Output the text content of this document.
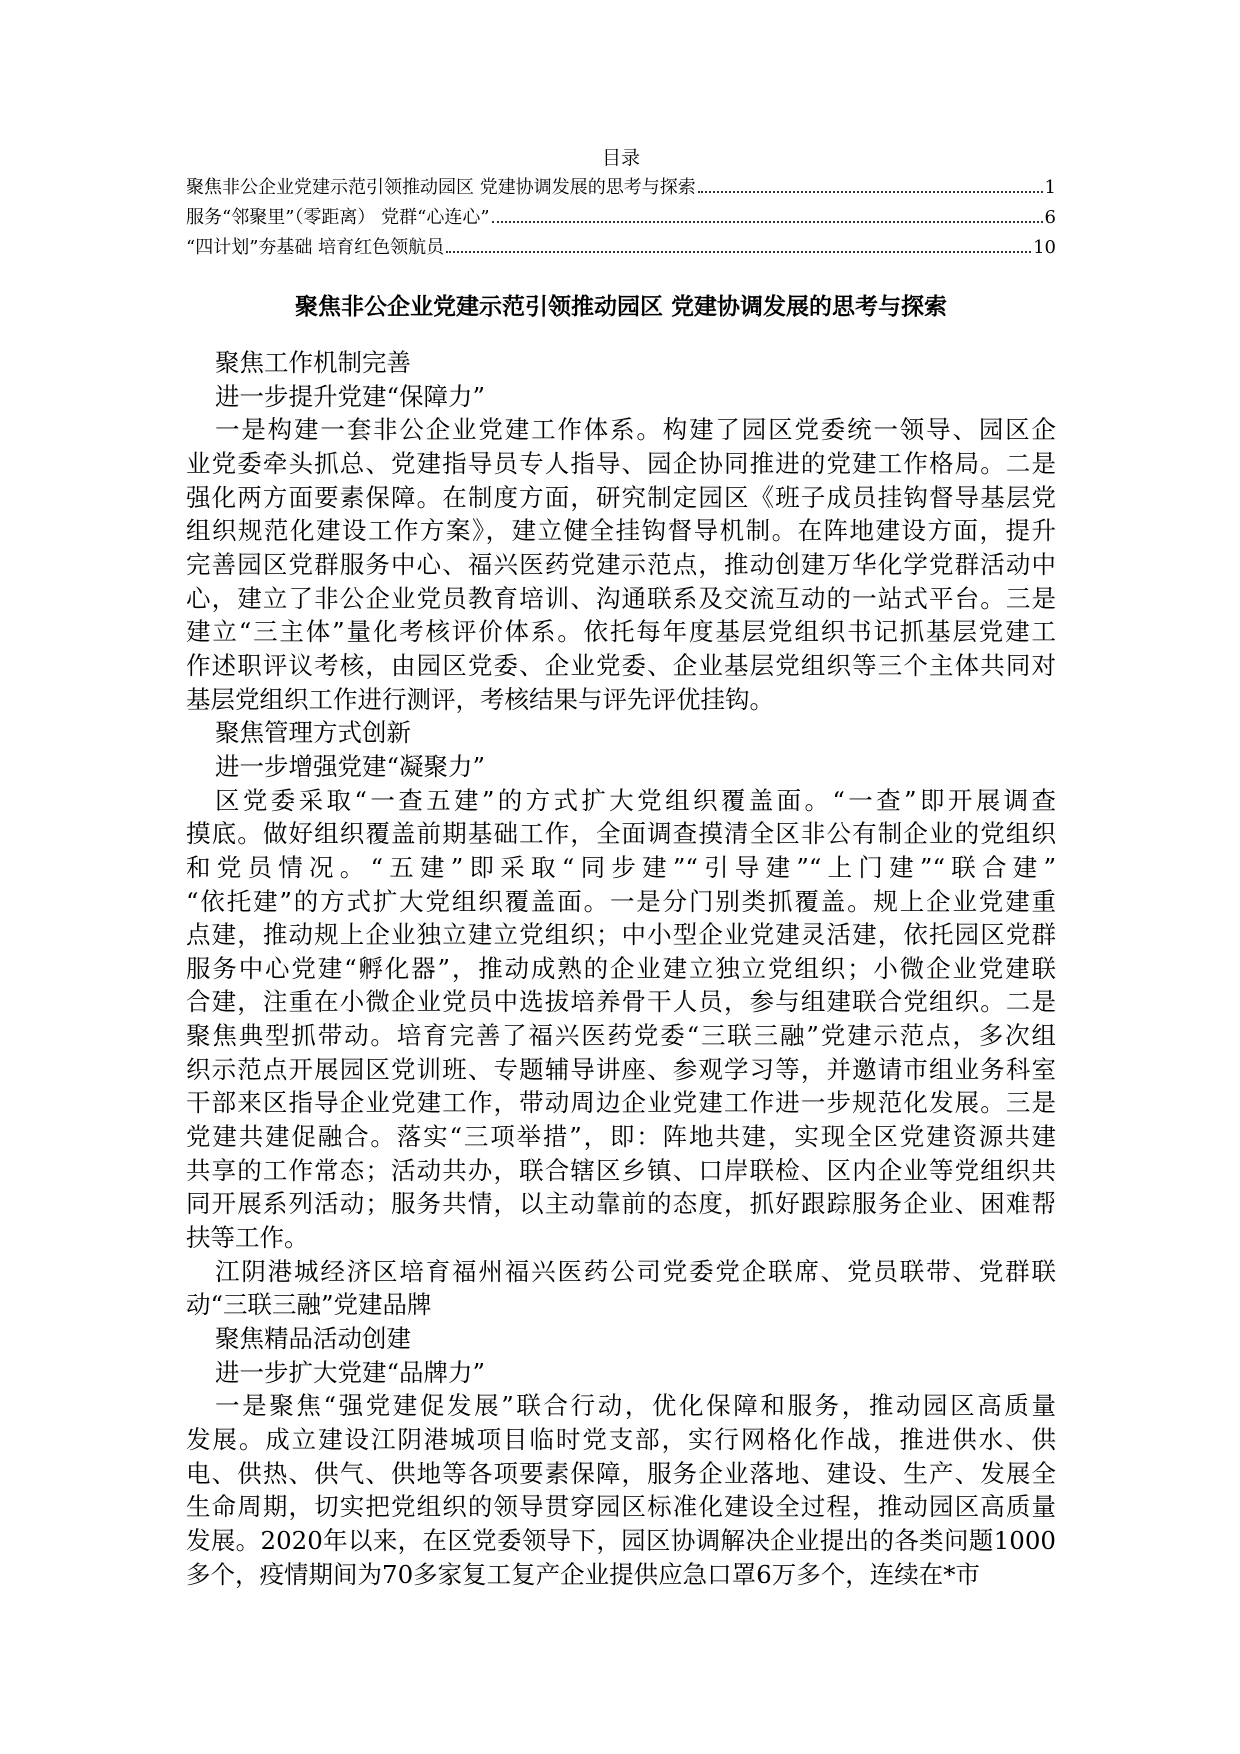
目录
聚焦非公企业党建示范引领推动园区 党建协调发展的思考与探索	1
服务“邻聚里”（零距离） 党群“心连心”	6
“四计划”夯基础 培育红色领航员	10
聚焦非公企业党建示范引领推动园区 党建协调发展的思考与探索
聚焦工作机制完善
进一步提升党建“保障力”
一是构建一套非公企业党建工作体系。构建了园区党委统一领导、园区企
业党委牵头抓总、党建指导员专人指导、园企协同推进的党建工作格局。二是
强化两方面要素保障。在制度方面，研究制定园区《班子成员挂钩督导基层党
组织规范化建设工作方案》，建立健全挂钩督导机制。在阵地建设方面，提升
完善园区党群服务中心、福兴医药党建示范点，推动创建万华化学党群活动中
心，建立了非公企业党员教育培训、沟通联系及交流互动的一站式平台。三是
建立“三主体”量化考核评价体系。依托每年度基层党组织书记抓基层党建工
作述职评议考核，由园区党委、企业党委、企业基层党组织等三个主体共同对
基层党组织工作进行测评，考核结果与评先评优挂钩。
聚焦管理方式创新
进一步增强党建“凝聚力”
区党委采取“一查五建”的方式扩大党组织覆盖面。“一查”即开展调查
摸底。做好组织覆盖前期基础工作，全面调查摸清全区非公有制企业的党组织
和党员情况。“五建”即采取“同步建”“引导建”“上门建”“联合建”
“依托建”的方式扩大党组织覆盖面。一是分门别类抓覆盖。规上企业党建重
点建，推动规上企业独立建立党组织；中小型企业党建灵活建，依托园区党群
服务中心党建“孵化器”，推动成熟的企业建立独立党组织；小微企业党建联
合建，注重在小微企业党员中选拔培养骨干人员，参与组建联合党组织。二是
聚焦典型抓带动。培育完善了福兴医药党委“三联三融”党建示范点，多次组
织示范点开展园区党训班、专题辅导讲座、参观学习等，并邀请市组业务科室
干部来区指导企业党建工作，带动周边企业党建工作进一步规范化发展。三是
党建共建促融合。落实“三项举措”，即：阵地共建，实现全区党建资源共建
共享的工作常态；活动共办，联合辖区乡镇、口岸联检、区内企业等党组织共
同开展系列活动；服务共情，以主动靠前的态度，抓好跟踪服务企业、困难帮
扶等工作。
江阴港城经济区培育福州福兴医药公司党委党企联席、党员联带、党群联
动“三联三融”党建品牌
聚焦精品活动创建
进一步扩大党建“品牌力”
一是聚焦“强党建促发展”联合行动，优化保障和服务，推动园区高质量
发展。成立建设江阴港城项目临时党支部，实行网格化作战，推进供水、供
电、供热、供气、供地等各项要素保障，服务企业落地、建设、生产、发展全
生命周期，切实把党组织的领导贯穿园区标准化建设全过程，推动园区高质量
发展。2020年以来，在区党委领导下，园区协调解决企业提出的各类问题1000
多个，疫情期间为70多家复工复产企业提供应急口罩6万多个，连续在*市
